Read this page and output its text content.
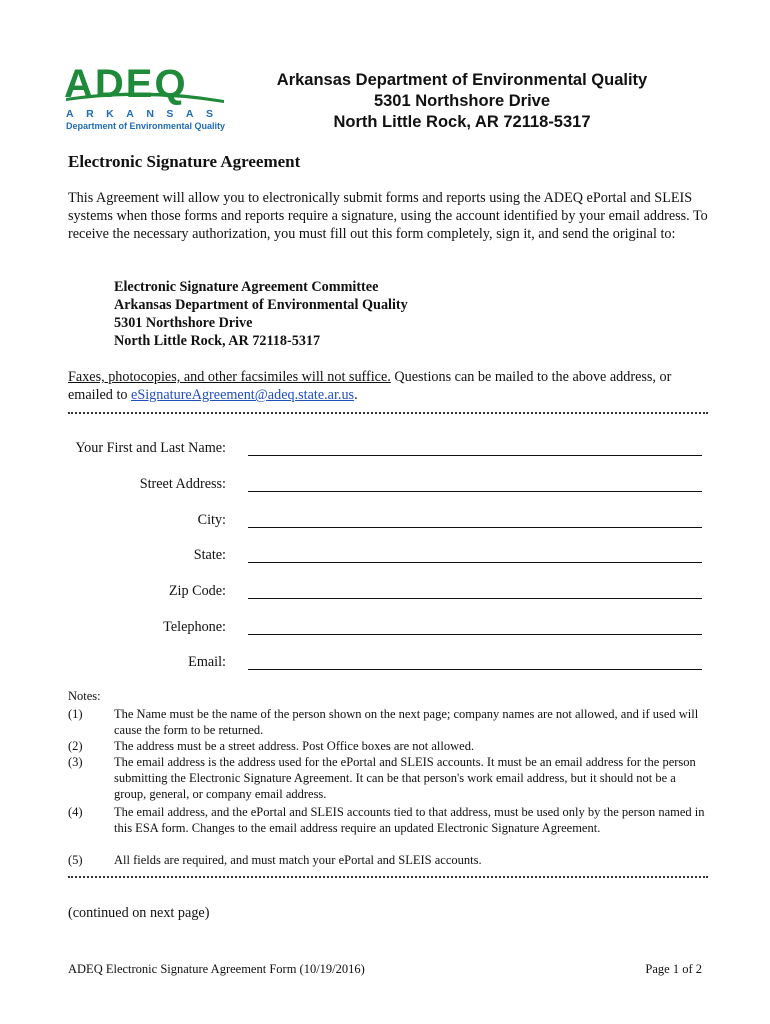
ADEQ
ARKANSAS
Department of Environmental Quality
Arkansas Department of Environmental Quality
5301 Northshore Drive
North Little Rock, AR 72118-5317
Electronic Signature Agreement
This Agreement will allow you to electronically submit forms and reports using the ADEQ ePortal and SLEIS systems when those forms and reports require a signature, using the account identified by your email address. To receive the necessary authorization, you must fill out this form completely, sign it, and send the original to:
Electronic Signature Agreement Committee
Arkansas Department of Environmental Quality
5301 Northshore Drive
North Little Rock, AR 72118-5317
Faxes, photocopies, and other facsimiles will not suffice. Questions can be mailed to the above address, or emailed to eSignatureAgreement@adeq.state.ar.us.
Your First and Last Name:
Street Address:
City:
State:
Zip Code:
Telephone:
Email:
Notes:
(1)	The Name must be the name of the person shown on the next page; company names are not allowed, and if used will cause the form to be returned.
(2)	The address must be a street address. Post Office boxes are not allowed.
(3)	The email address is the address used for the ePortal and SLEIS accounts. It must be an email address for the person submitting the Electronic Signature Agreement. It can be that person's work email address, but it should not be a group, general, or company email address.
(4)	The email address, and the ePortal and SLEIS accounts tied to that address, must be used only by the person named in this ESA form. Changes to the email address require an updated Electronic Signature Agreement.
(5)	All fields are required, and must match your ePortal and SLEIS accounts.
(continued on next page)
ADEQ Electronic Signature Agreement Form (10/19/2016)	Page 1 of 2
